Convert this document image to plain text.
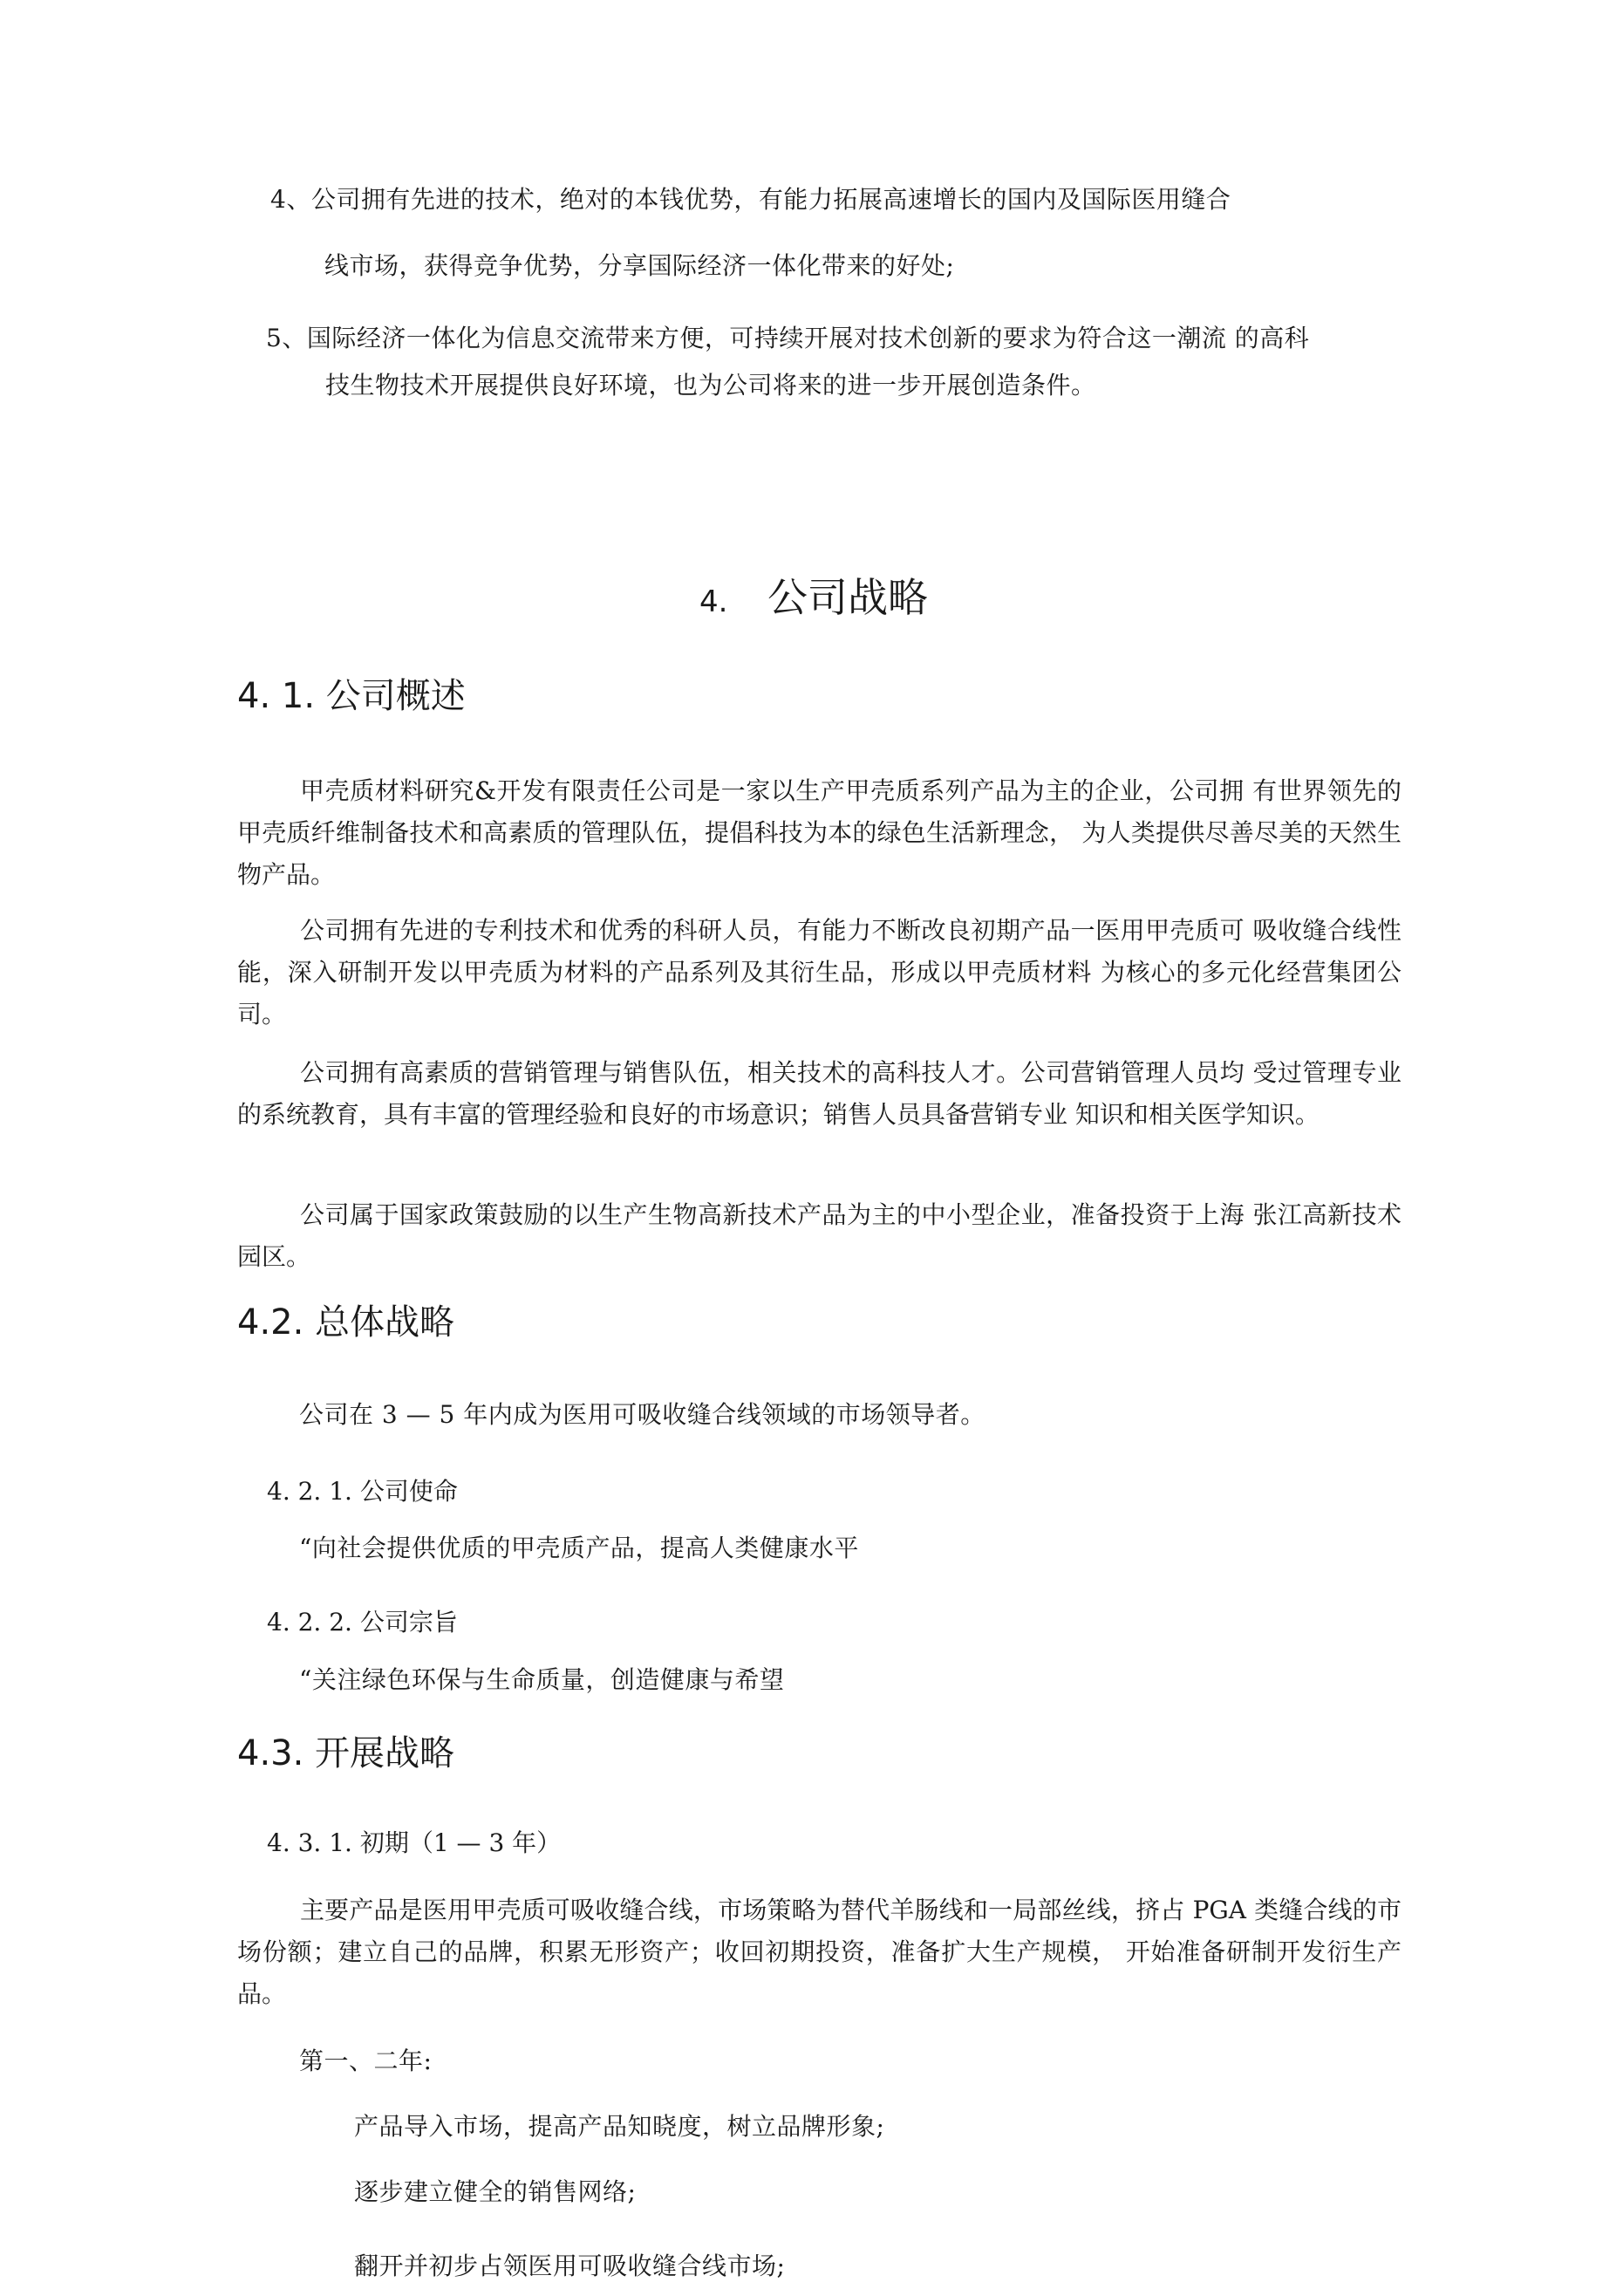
4、公司拥有先进的技术，绝对的本钱优势，有能力拓展高速增长的国内及国际医用缝合
线市场，获得竞争优势，分享国际经济一体化带来的好处;
5、国际经济一体化为信息交流带来方便，可持续开展对技术创新的要求为符合这一潮流 的高科
技生物技术开展提供良好环境，也为公司将来的进一步开展创造条件。
4. 公司战略
4. 1. 公司概述

甲壳质材料研究&开发有限责任公司是一家以生产甲壳质系列产品为主的企业，公司拥 有世界领先的甲壳质纤维制备技术和高素质的管理队伍，提倡科技为本的绿色生活新理念， 为人类提供尽善尽美的天然生物产品。

公司拥有先进的专利技术和优秀的科研人员，有能力不断改良初期产品一医用甲壳质可 吸收缝合线性能，深入研制开发以甲壳质为材料的产品系列及其衍生品，形成以甲壳质材料 为核心的多元化经营集团公司。

公司拥有高素质的营销管理与销售队伍，相关技术的高科技人才。公司营销管理人员均 受过管理专业的系统教育，具有丰富的管理经验和良好的市场意识；销售人员具备营销专业 知识和相关医学知识。

公司属于国家政策鼓励的以生产生物高新技术产品为主的中小型企业，准备投资于上海 张江高新技术园区。

4.2. 总体战略
公司在 3 — 5 年内成为医用可吸收缝合线领域的市场领导者。
4. 2. 1. 公司使命
“向社会提供优质的甲壳质产品，提高人类健康水平
4. 2. 2. 公司宗旨
“关注绿色环保与生命质量，创造健康与希望
4.3. 开展战略
4. 3. 1. 初期（1 — 3 年）

主要产品是医用甲壳质可吸收缝合线，市场策略为替代羊肠线和一局部丝线，挤占 PGA 类缝合线的市场份额；建立自己的品牌，积累无形资产；收回初期投资，准备扩大生产规模， 开始准备研制开发衍生产品。

第一、二年:
产品导入市场，提高产品知晓度，树立品牌形象;
逐步建立健全的销售网络;
翻开并初步占领医用可吸收缝合线市场;
